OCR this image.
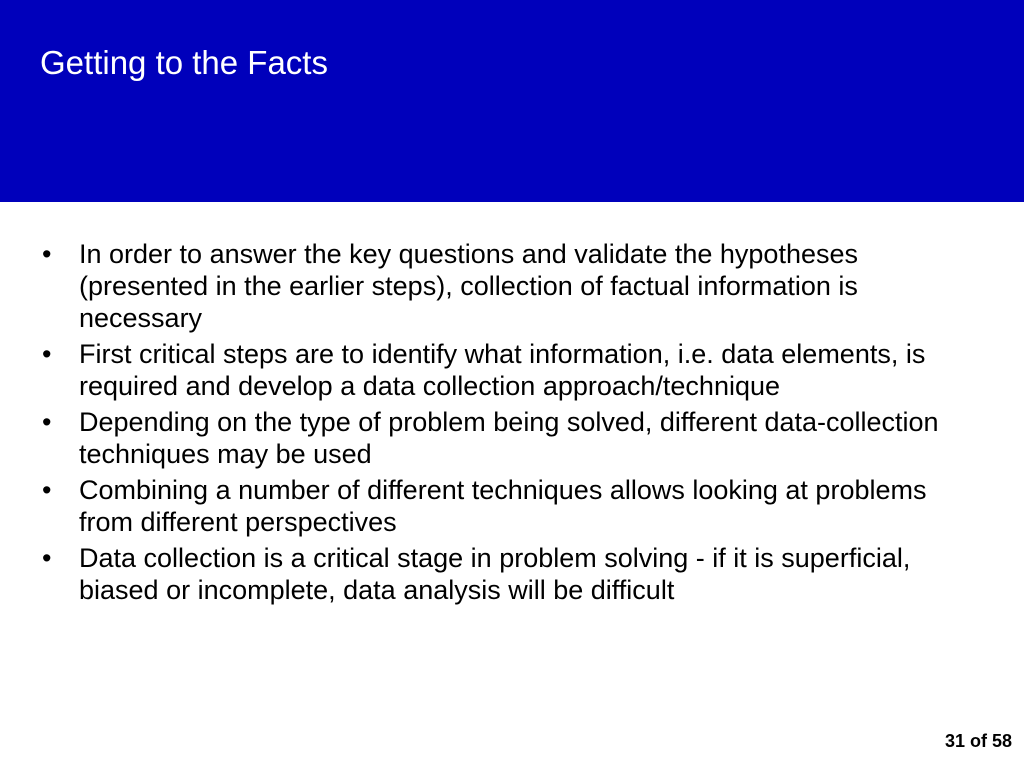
Getting to the Facts
• In order to answer the key questions and validate the hypotheses (presented in the earlier steps), collection of factual information is necessary
• First critical steps are to identify what information, i.e. data elements, is required and develop a data collection approach/technique
• Depending on the type of problem being solved, different data-collection techniques may be used
• Combining a number of different techniques allows looking at problems from different perspectives
• Data collection is a critical stage in problem solving - if it is superficial, biased or incomplete, data analysis will be difficult
31 of 58
